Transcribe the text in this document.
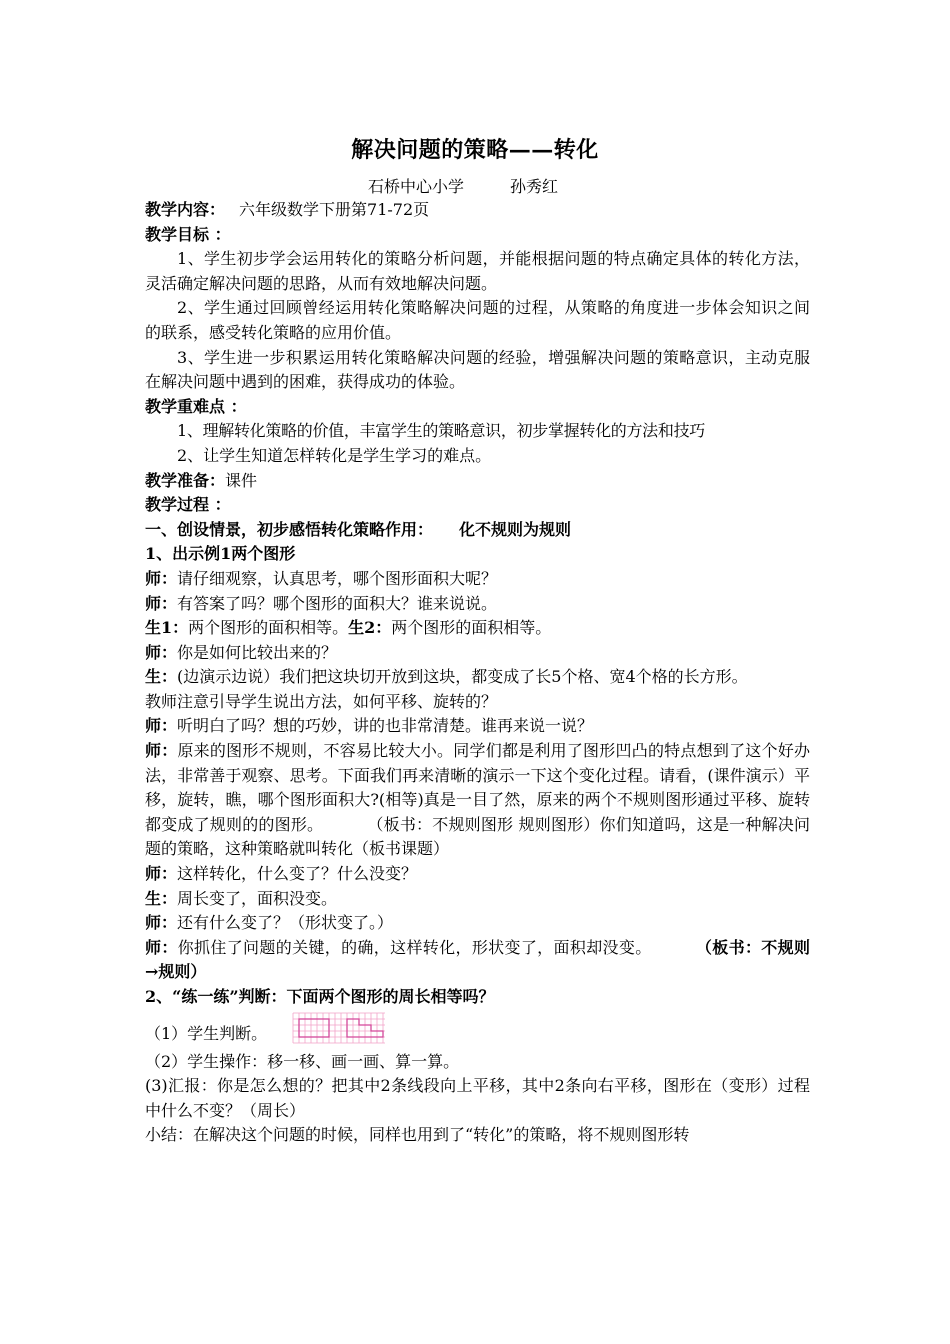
解决问题的策略——转化
石桥中心小学	孙秀红

教学内容： 六年级数学下册第71-72页

教学目标 ：

1、学生初步学会运用转化的策略分析问题，并能根据问题的特点确定具体的转化方法，灵活确定解决问题的思路，从而有效地解决问题。

2、学生通过回顾曾经运用转化策略解决问题的过程，从策略的角度进一步体会知识之间的联系，感受转化策略的应用价值。

3、学生进一步积累运用转化策略解决问题的经验，增强解决问题的策略意识，主动克服在解决问题中遇到的困难，获得成功的体验。

教学重难点 ：

1、理解转化策略的价值，丰富学生的策略意识，初步掌握转化的方法和技巧

2、让学生知道怎样转化是学生学习的难点。

教学准备：课件

教学过程 ：

一、创设情景，初步感悟转化策略作用： 化不规则为规则

1、出示例1两个图形

师：请仔细观察，认真思考，哪个图形面积大呢？

师：有答案了吗？哪个图形的面积大？谁来说说。

生1：两个图形的面积相等。生2：两个图形的面积相等。

师：你是如何比较出来的？

生：(边演示边说）我们把这块切开放到这块，都变成了长5个格、宽4个格的长方形。

教师注意引导学生说出方法，如何平移、旋转的？

师：听明白了吗？想的巧妙，讲的也非常清楚。谁再来说一说？

师：原来的图形不规则，不容易比较大小。同学们都是利用了图形凹凸的特点想到了这个好办法，非常善于观察、思考。下面我们再来清晰的演示一下这个变化过程。请看，(课件演示）平移，旋转，瞧，哪个图形面积大?(相等)真是一目了然，原来的两个不规则图形通过平移、旋转都变成了规则的的图形。	（板书：不规则图形 规则图形）你们知道吗，这是一种解决问题的策略，这种策略就叫转化（板书课题）

师：这样转化，什么变了？什么没变？

生：周长变了，面积没变。

师：还有什么变了？（形状变了。）

师：你抓住了问题的关键，的确，这样转化，形状变了，面积却没变。	（板书：不规则→规则）

2、“练一练”判断：下面两个图形的周长相等吗？

（1）学生判断。

（2）学生操作：移一移、画一画、算一算。

(3)汇报：你是怎么想的？把其中2条线段向上平移，其中2条向右平移，图形在（变形）过程中什么不变？（周长）

小结：在解决这个问题的时候，同样也用到了“转化”的策略，将不规则图形转
